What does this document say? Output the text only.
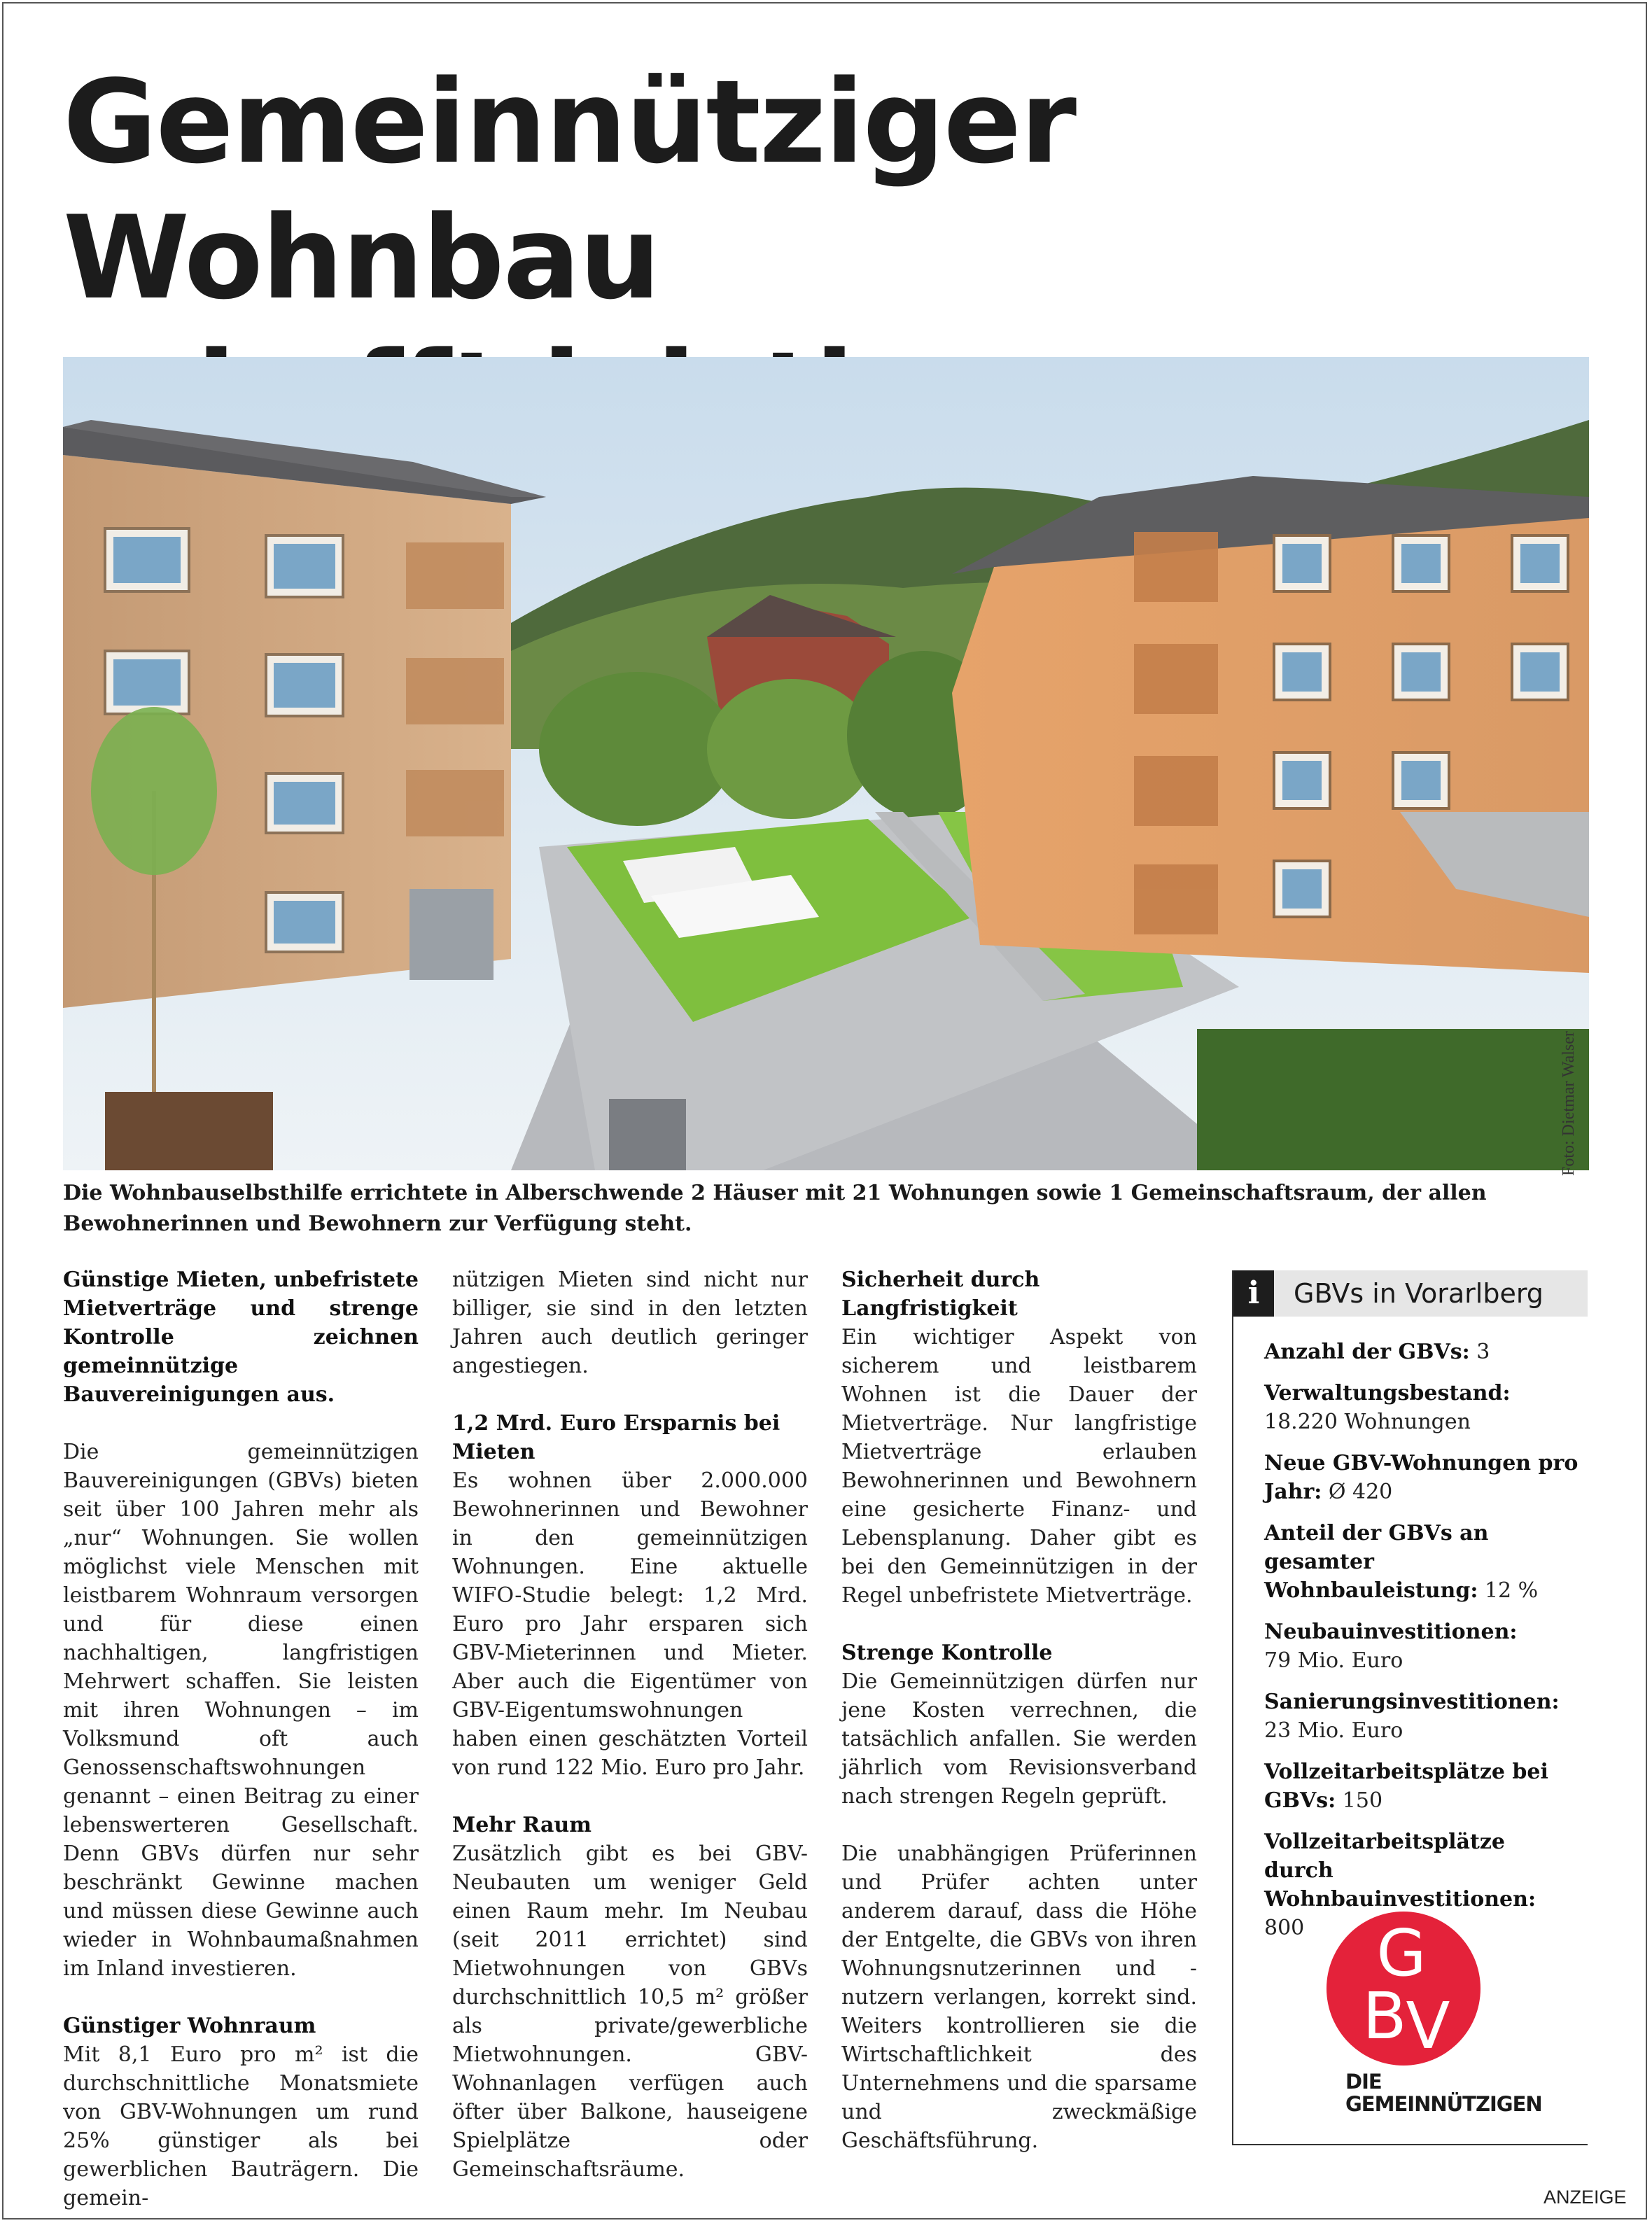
Gemeinnütziger Wohnbau

Foto: Dietmar Walser

Die Wohnbauselbsthilfe errichtete in Alberschwende 2 Häuser mit 21 Wohnungen sowie 1 Gemeinschaftsraum, der allen Bewohnerinnen und Bewohnern zur Verfügung steht.

Günstige Mieten, unbefristete Mietverträge und strenge Kontrolle zeichnen gemeinnützige Bauvereinigungen aus.

Die gemeinnützigen Bauvereinigungen (GBVs) bieten seit über 100 Jahren mehr als „nur“ Wohnungen. Sie wollen möglichst viele Menschen mit leistbarem Wohnraum versorgen und für diese einen nachhaltigen, langfristigen Mehrwert schaffen. Sie leisten mit ihren Wohnungen – im Volksmund oft auch Genossenschaftswohnungen genannt – einen Beitrag zu einer lebenswerteren Gesellschaft. Denn GBVs dürfen nur sehr beschränkt Gewinne machen und müssen diese Gewinne auch wieder in Wohnbaumaßnahmen im Inland investieren.

Günstiger Wohnraum

Mit 8,1 Euro pro m² ist die durchschnittliche Monatsmiete von GBV-Wohnungen um rund 25% günstiger als bei gewerblichen Bauträgern. Die gemein-

nützigen Mieten sind nicht nur billiger, sie sind in den letzten Jahren auch deutlich geringer angestiegen.

1,2 Mrd. Euro Ersparnis bei Mieten

Es wohnen über 2.000.000 Bewohnerinnen und Bewohner in den gemeinnützigen Wohnungen. Eine aktuelle WIFO-Studie belegt: 1,2 Mrd. Euro pro Jahr ersparen sich GBV-Mieterinnen und Mieter. Aber auch die Eigentümer von GBV-Eigentumswohnungen haben einen geschätzten Vorteil von rund 122 Mio. Euro pro Jahr.

Mehr Raum

Zusätzlich gibt es bei GBV-Neubauten um weniger Geld einen Raum mehr. Im Neubau (seit 2011 errichtet) sind Mietwohnungen von GBVs durchschnittlich 10,5 m² größer als private/gewerbliche Mietwohnungen. GBV-Wohnanlagen verfügen auch öfter über Balkone, hauseigene Spielplätze oder Gemeinschaftsräume.

Sicherheit durch Langfristigkeit

Ein wichtiger Aspekt von sicherem und leistbarem Wohnen ist die Dauer der Mietverträge. Nur langfristige Mietverträge erlauben Bewohnerinnen und Bewohnern eine gesicherte Finanz- und Lebensplanung. Daher gibt es bei den Gemeinnützigen in der Regel unbefristete Mietverträge.

Strenge Kontrolle

Die Gemeinnützigen dürfen nur jene Kosten verrechnen, die tatsächlich anfallen. Sie werden jährlich vom Revisionsverband nach strengen Regeln geprüft.

Die unabhängigen Prüferinnen und Prüfer achten unter anderem darauf, dass die Höhe der Entgelte, die GBVs von ihren Wohnungsnutzerinnen und -nutzern verlangen, korrekt sind. Weiters kontrollieren sie die Wirtschaftlichkeit des Unternehmens und die sparsame und zweckmäßige Geschäftsführung.

i	GBVs in Vorarlberg

Anzahl der GBVs: 3

Verwaltungsbestand:
18.220 Wohnungen

Neue GBV-Wohnungen pro Jahr: Ø 420

Anteil der GBVs an gesamter Wohnbauleistung: 12 %

Neubauinvestitionen:
79 Mio. Euro

Sanierungsinvestitionen:
23 Mio. Euro

Vollzeitarbeitsplätze bei GBVs: 150

Vollzeitarbeitsplätze durch Wohnbauinvestitionen: 800	G
B
V
DIE
GEMEINNÜTZIGEN
ANZEIGE
